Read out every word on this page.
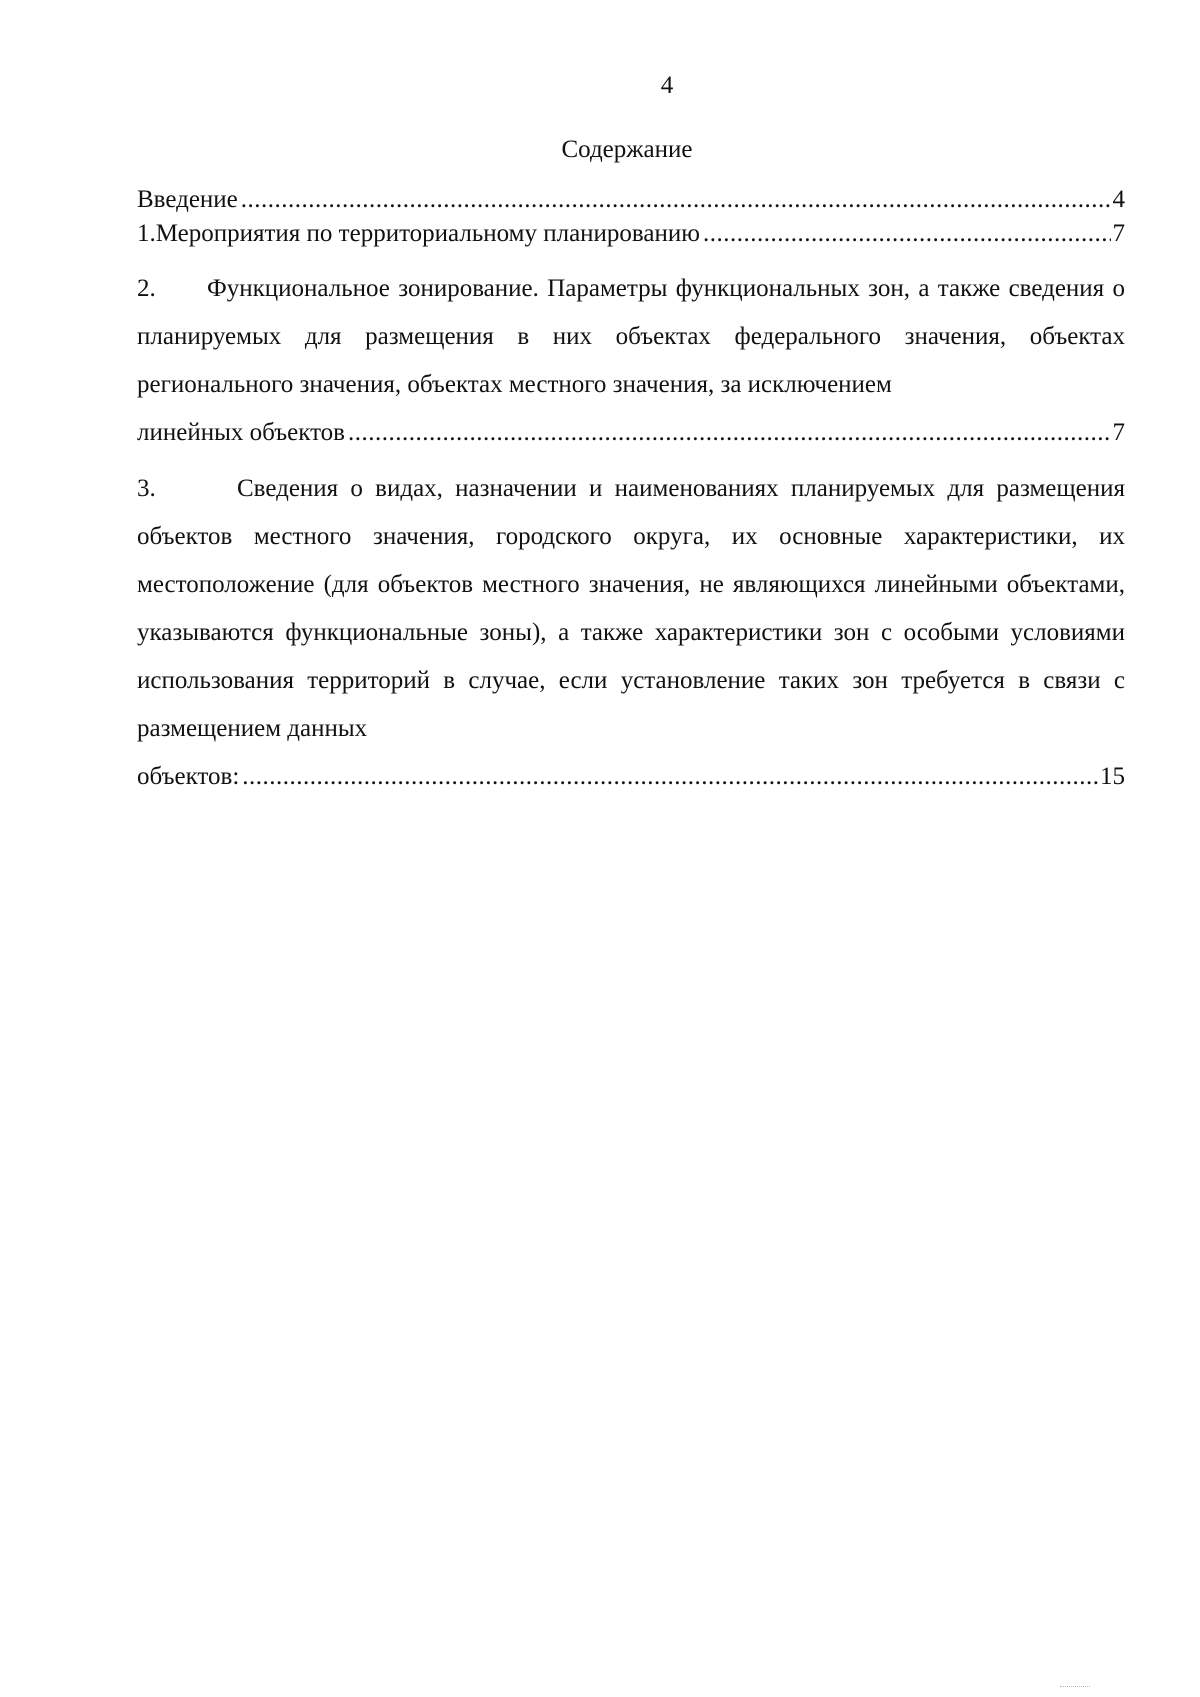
4
Содержание
Введение .....	4
1. Мероприятия по территориальному планированию .....	7
2. Функциональное зонирование. Параметры функциональных зон, а также сведения о планируемых для размещения в них объектах федерального значения, объектах регионального значения, объектах местного значения, за исключением
линейных объектов .....	7
3.	Сведения о видах, назначении и наименованиях планируемых для размещения объектов местного значения, городского округа, их основные характеристики, их местоположение (для объектов местного значения, не являющихся линейными объектами, указываются функциональные зоны), а также характеристики зон с особыми условиями использования территорий в случае, если установление таких зон требуется в связи с размещением данных
объектов: .....	15
